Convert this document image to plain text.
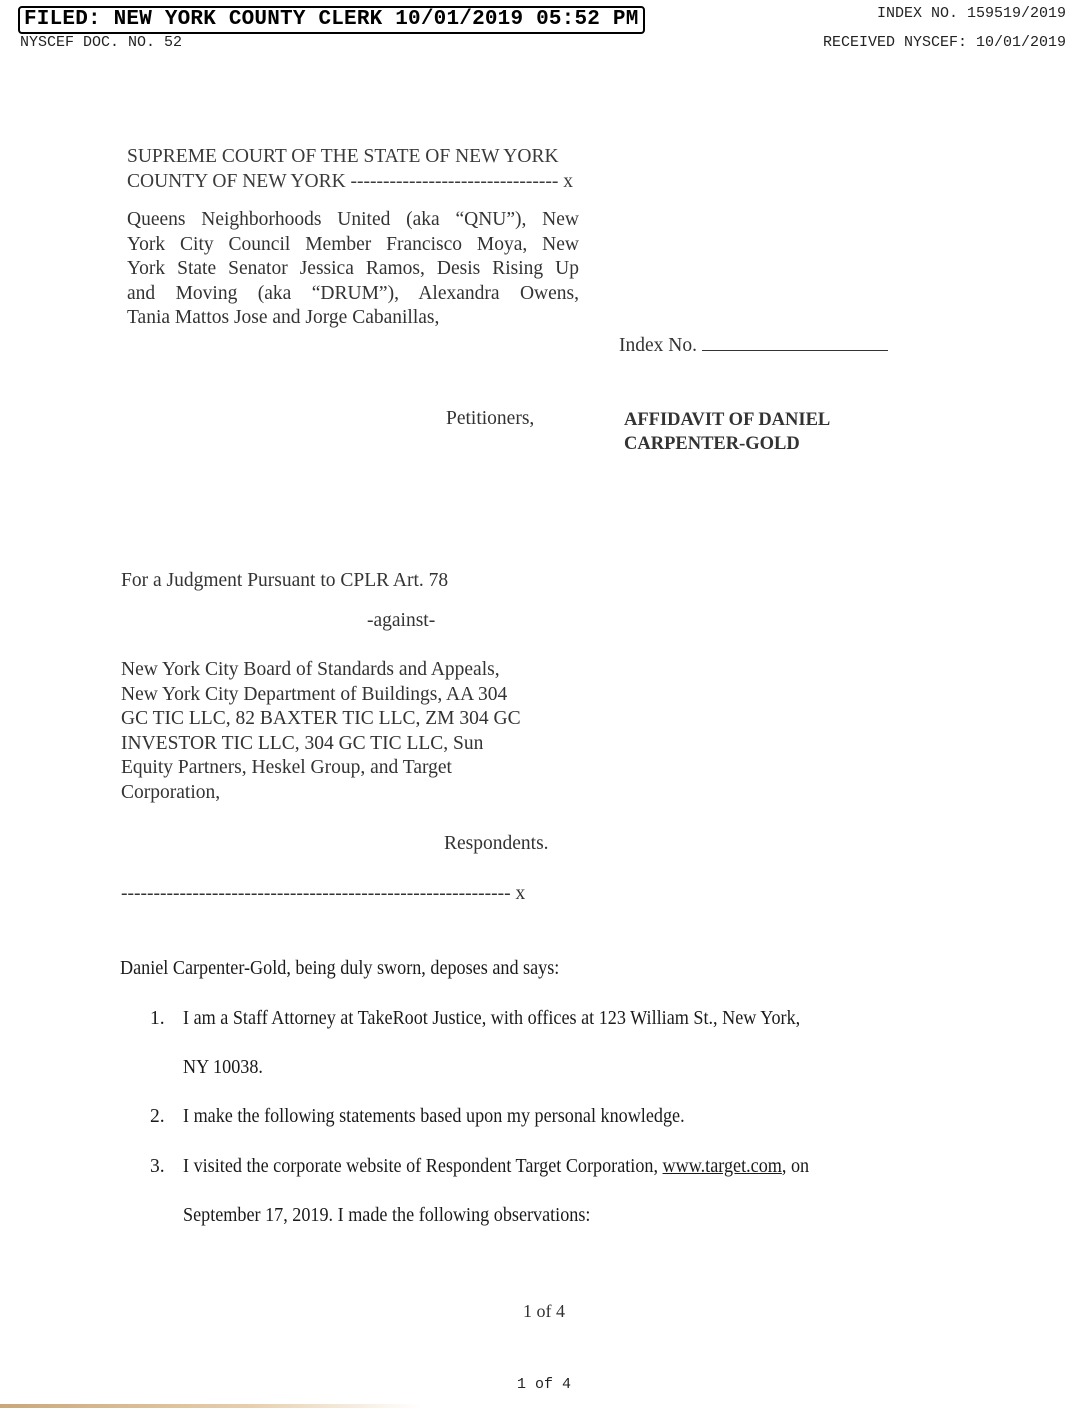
FILED: NEW YORK COUNTY CLERK 10/01/2019 05:52 PM	INDEX NO. 159519/2019
NYSCEF DOC. NO. 52	RECEIVED NYSCEF: 10/01/2019
SUPREME COURT OF THE STATE OF NEW YORK
COUNTY OF NEW YORK -------------------------------- x
Queens Neighborhoods United (aka “QNU”), New
York City Council Member Francisco Moya, New
York State Senator Jessica Ramos, Desis Rising Up
and Moving (aka “DRUM”), Alexandra Owens,
Tania Mattos Jose and Jorge Cabanillas,
Index No.
Petitioners,	AFFIDAVIT OF DANIEL
CARPENTER-GOLD
For a Judgment Pursuant to CPLR Art. 78
-against-
New York City Board of Standards and Appeals,
New York City Department of Buildings, AA 304
GC TIC LLC, 82 BAXTER TIC LLC, ZM 304 GC
INVESTOR TIC LLC, 304 GC TIC LLC, Sun
Equity Partners, Heskel Group, and Target
Corporation,
Respondents.
------------------------------------------------------------ x
Daniel Carpenter-Gold, being duly sworn, deposes and says:
1. I am a Staff Attorney at TakeRoot Justice, with offices at 123 William St., New York,
NY 10038.
2. I make the following statements based upon my personal knowledge.
3. I visited the corporate website of Respondent Target Corporation, www.target.com, on
September 17, 2019. I made the following observations:
1 of 4
1 of 4
